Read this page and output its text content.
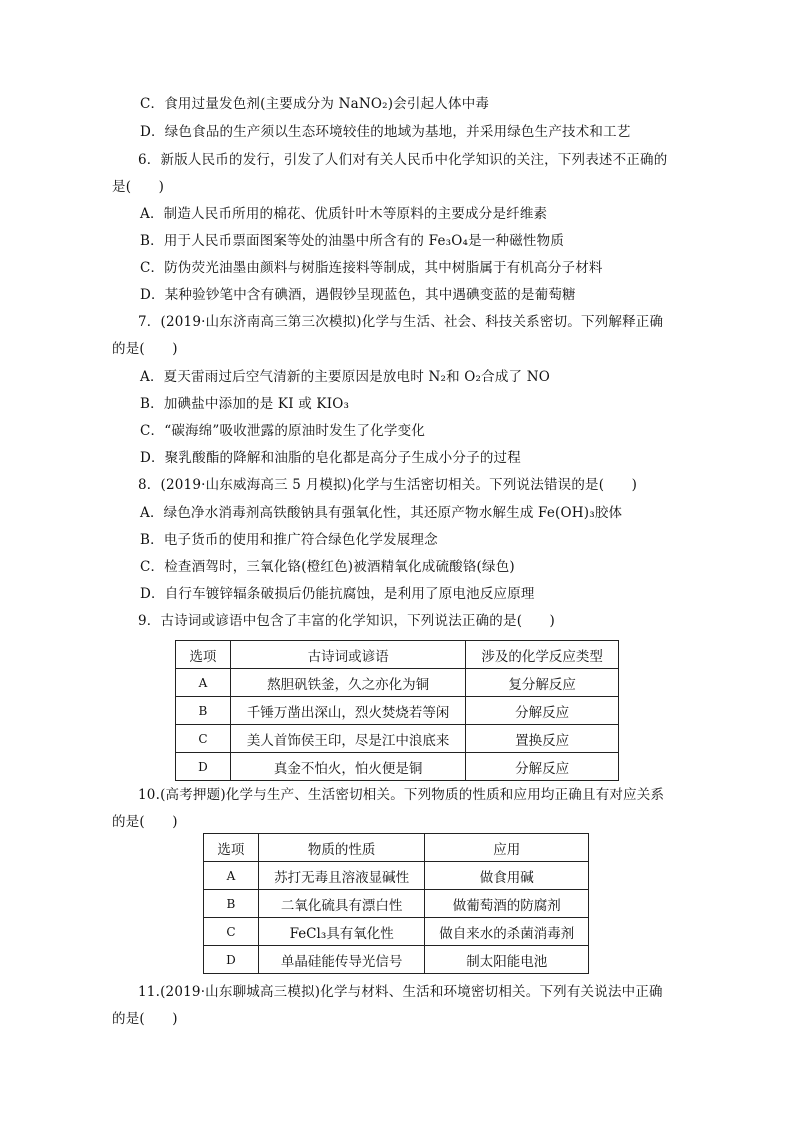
C．食用过量发色剂(主要成分为 NaNO₂)会引起人体中毒
D．绿色食品的生产须以生态环境较佳的地域为基地，并采用绿色生产技术和工艺
6．新版人民币的发行，引发了人们对有关人民币中化学知识的关注，下列表述不正确的
是(　　)
A．制造人民币所用的棉花、优质针叶木等原料的主要成分是纤维素
B．用于人民币票面图案等处的油墨中所含有的 Fe₃O₄是一种磁性物质
C．防伪荧光油墨由颜料与树脂连接料等制成，其中树脂属于有机高分子材料
D．某种验钞笔中含有碘酒，遇假钞呈现蓝色，其中遇碘变蓝的是葡萄糖
7．(2019·山东济南高三第三次模拟)化学与生活、社会、科技关系密切。下列解释正确
的是(　　)
A．夏天雷雨过后空气清新的主要原因是放电时 N₂和 O₂合成了 NO
B．加碘盐中添加的是 KI 或 KIO₃
C．“碳海绵”吸收泄露的原油时发生了化学变化
D．聚乳酸酯的降解和油脂的皂化都是高分子生成小分子的过程
8．(2019·山东威海高三 5 月模拟)化学与生活密切相关。下列说法错误的是(　　)
A．绿色净水消毒剂高铁酸钠具有强氧化性，其还原产物水解生成 Fe(OH)₃胶体
B．电子货币的使用和推广符合绿色化学发展理念
C．检查酒驾时，三氧化铬(橙红色)被酒精氧化成硫酸铬(绿色)
D．自行车镀锌辐条破损后仍能抗腐蚀，是利用了原电池反应原理
9．古诗词或谚语中包含了丰富的化学知识，下列说法正确的是(　　)
选项	古诗词或谚语	涉及的化学反应类型
A	熬胆矾铁釜，久之亦化为铜	复分解反应
B	千锤万凿出深山，烈火焚烧若等闲	分解反应
C	美人首饰侯王印，尽是江中浪底来	置换反应
D	真金不怕火，怕火便是铜	分解反应
10.(高考押题)化学与生产、生活密切相关。下列物质的性质和应用均正确且有对应关系
的是(　　)
选项	物质的性质	应用
A	苏打无毒且溶液显碱性	做食用碱
B	二氧化硫具有漂白性	做葡萄酒的防腐剂
C	FeCl₃具有氧化性	做自来水的杀菌消毒剂
D	单晶硅能传导光信号	制太阳能电池
11.(2019·山东聊城高三模拟)化学与材料、生活和环境密切相关。下列有关说法中正确
的是(　　)
